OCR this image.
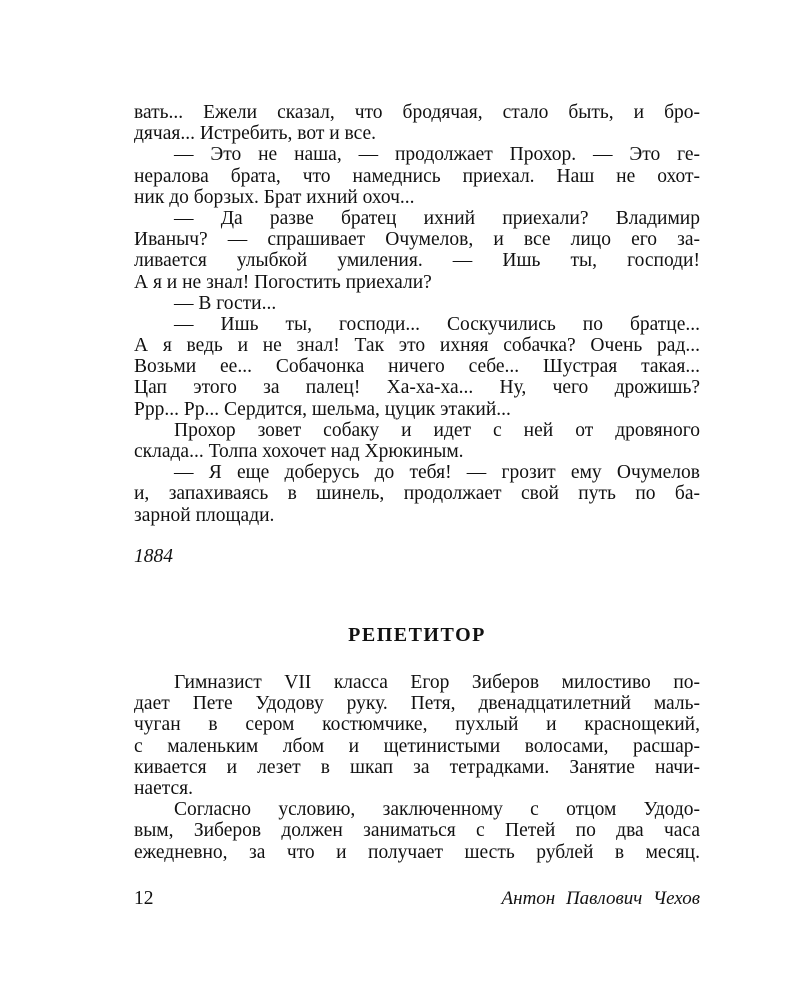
вать... Ежели сказал, что бродячая, стало быть, и бро-
дячая... Истребить, вот и все.
— Это не наша, — продолжает Прохор. — Это ге-
нералова брата, что намеднись приехал. Наш не охот-
ник до борзых. Брат ихний охоч...
— Да разве братец ихний приехали? Владимир
Иваныч? — спрашивает Очумелов, и все лицо его за-
ливается улыбкой умиления. — Ишь ты, господи!
А я и не знал! Погостить приехали?
— В гости...
— Ишь ты, господи... Соскучились по братце...
А я ведь и не знал! Так это ихняя собачка? Очень рад...
Возьми ее... Собачонка ничего себе... Шустрая такая...
Цап этого за палец! Ха-ха-ха... Ну, чего дрожишь?
Ррр... Рр... Сердится, шельма, цуцик этакий...
Прохор зовет собаку и идет с ней от дровяного
склада... Толпа хохочет над Хрюкиным.
— Я еще доберусь до тебя! — грозит ему Очумелов
и, запахиваясь в шинель, продолжает свой путь по ба-
зарной площади.
1884
РЕПЕТИТОР
Гимназист VII класса Егор Зиберов милостиво по-
дает Пете Удодову руку. Петя, двенадцатилетний маль-
чуган в сером костюмчике, пухлый и краснощекий,
с маленьким лбом и щетинистыми волосами, расшар-
кивается и лезет в шкап за тетрадками. Занятие начи-
нается.
Согласно условию, заключенному с отцом Удодо-
вым, Зиберов должен заниматься с Петей по два часа
ежедневно, за что и получает шесть рублей в месяц.
12	Антон Павлович Чехов
